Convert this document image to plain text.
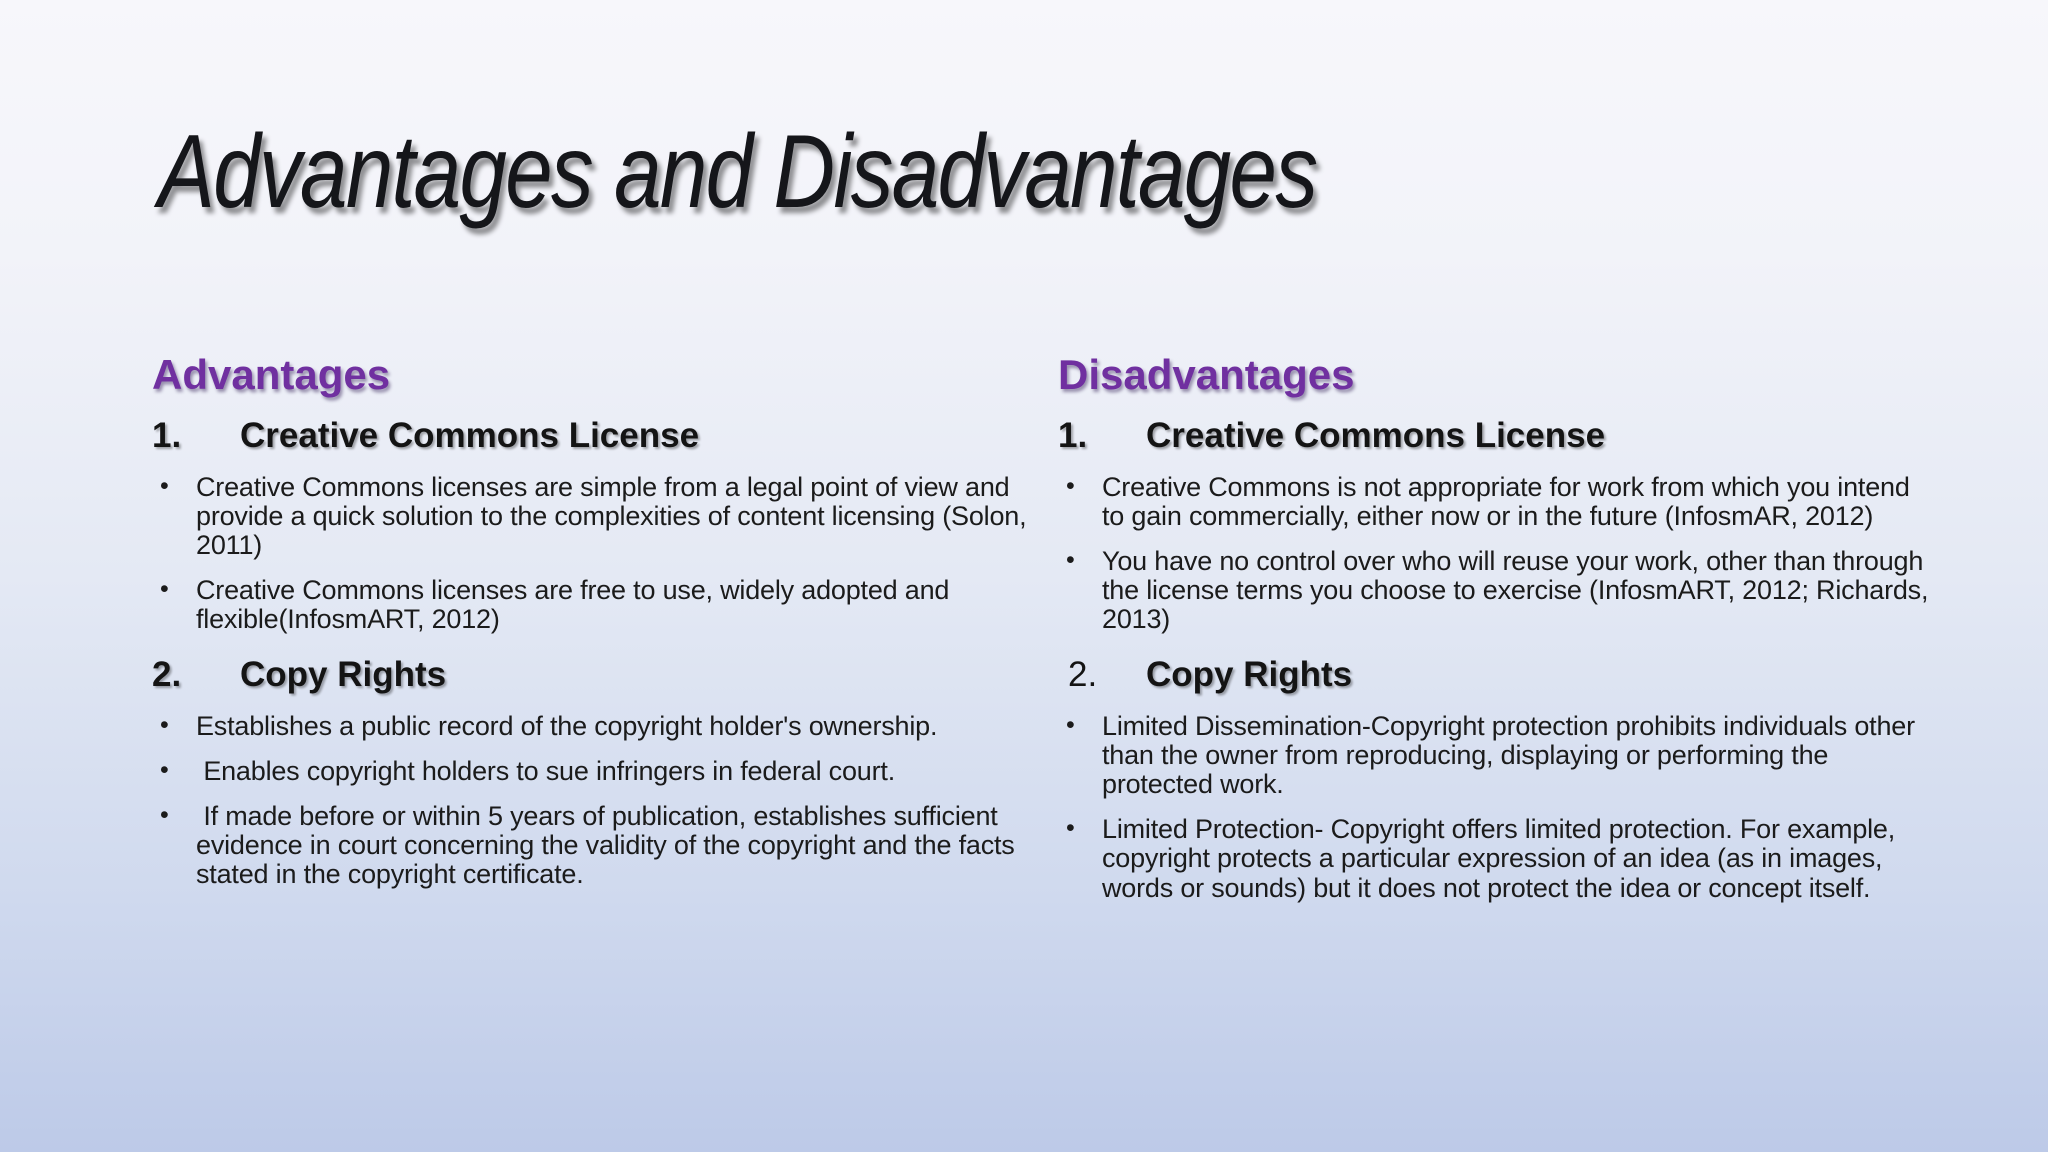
Advantages and Disadvantages
Advantages
1.	Creative Commons License
•	Creative Commons licenses are simple from a legal point of view and provide a quick solution to the complexities of content licensing (Solon, 2011)
•	Creative Commons licenses are free to use, widely adopted and flexible(InfosmART, 2012)
2.	Copy Rights
•	Establishes a public record of the copyright holder's ownership.
•	Enables copyright holders to sue infringers in federal court.
•	If made before or within 5 years of publication, establishes sufficient evidence in court concerning the validity of the copyright and the facts stated in the copyright certificate.
Disadvantages
1.	Creative Commons License
•	Creative Commons is not appropriate for work from which you intend to gain commercially, either now or in the future (InfosmAR, 2012)
•	You have no control over who will reuse your work, other than through the license terms you choose to exercise (InfosmART, 2012; Richards, 2013)
2.	Copy Rights
•	Limited Dissemination-Copyright protection prohibits individuals other than the owner from reproducing, displaying or performing the protected work.
•	Limited Protection- Copyright offers limited protection. For example, copyright protects a particular expression of an idea (as in images, words or sounds) but it does not protect the idea or concept itself.
